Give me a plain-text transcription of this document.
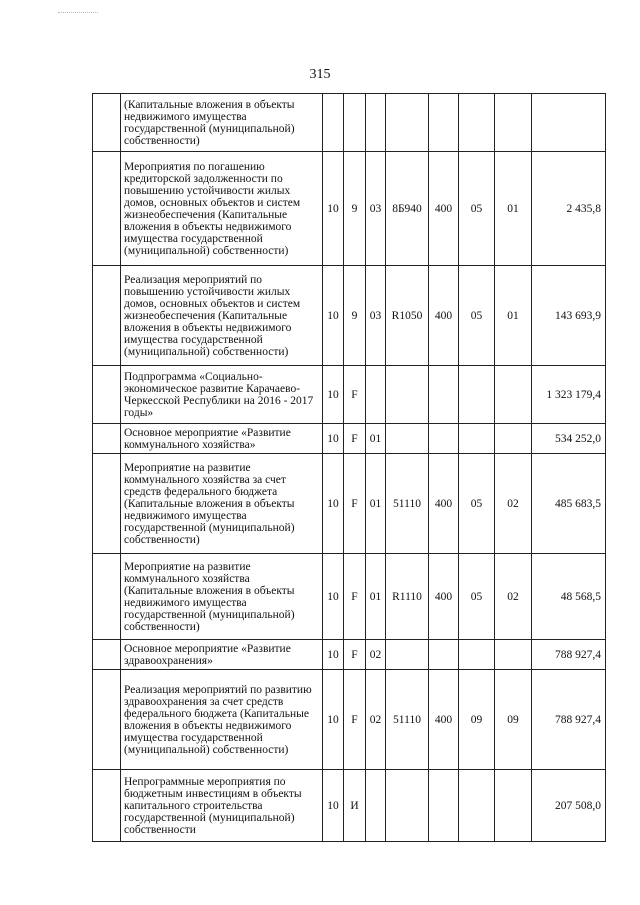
315
	(Капитальные вложения в объекты недвижимого имущества государственной (муниципальной) собственности)								
	Мероприятия по погашению кредиторской задолженности по повышению устойчивости жилых домов, основных объектов и систем жизнеобеспечения (Капитальные вложения в объекты недвижимого имущества государственной (муниципальной) собственности)	10	9	03	8Б940	400	05	01	2 435,8
	Реализация мероприятий по повышению устойчивости жилых домов, основных объектов и систем жизнеобеспечения (Капитальные вложения в объекты недвижимого имущества государственной (муниципальной) собственности)	10	9	03	R1050	400	05	01	143 693,9
	Подпрограмма «Социально-экономическое развитие Карачаево-Черкесской Республики на 2016 - 2017 годы»	10	F						1 323 179,4
	Основное мероприятие «Развитие коммунального хозяйства»	10	F	01					534 252,0
	Мероприятие на развитие коммунального хозяйства за счет средств федерального бюджета (Капитальные вложения в объекты недвижимого имущества государственной (муниципальной) собственности)	10	F	01	51110	400	05	02	485 683,5
	Мероприятие на развитие коммунального хозяйства (Капитальные вложения в объекты недвижимого имущества государственной (муниципальной) собственности)	10	F	01	R1110	400	05	02	48 568,5
	Основное мероприятие «Развитие здравоохранения»	10	F	02					788 927,4
	Реализация мероприятий по развитию здравоохранения за счет средств федерального бюджета (Капитальные вложения в объекты недвижимого имущества государственной (муниципальной) собственности)	10	F	02	51110	400	09	09	788 927,4
	Непрограммные мероприятия по бюджетным инвестициям в объекты капитального строительства государственной (муниципальной) собственности	10	И						207 508,0
